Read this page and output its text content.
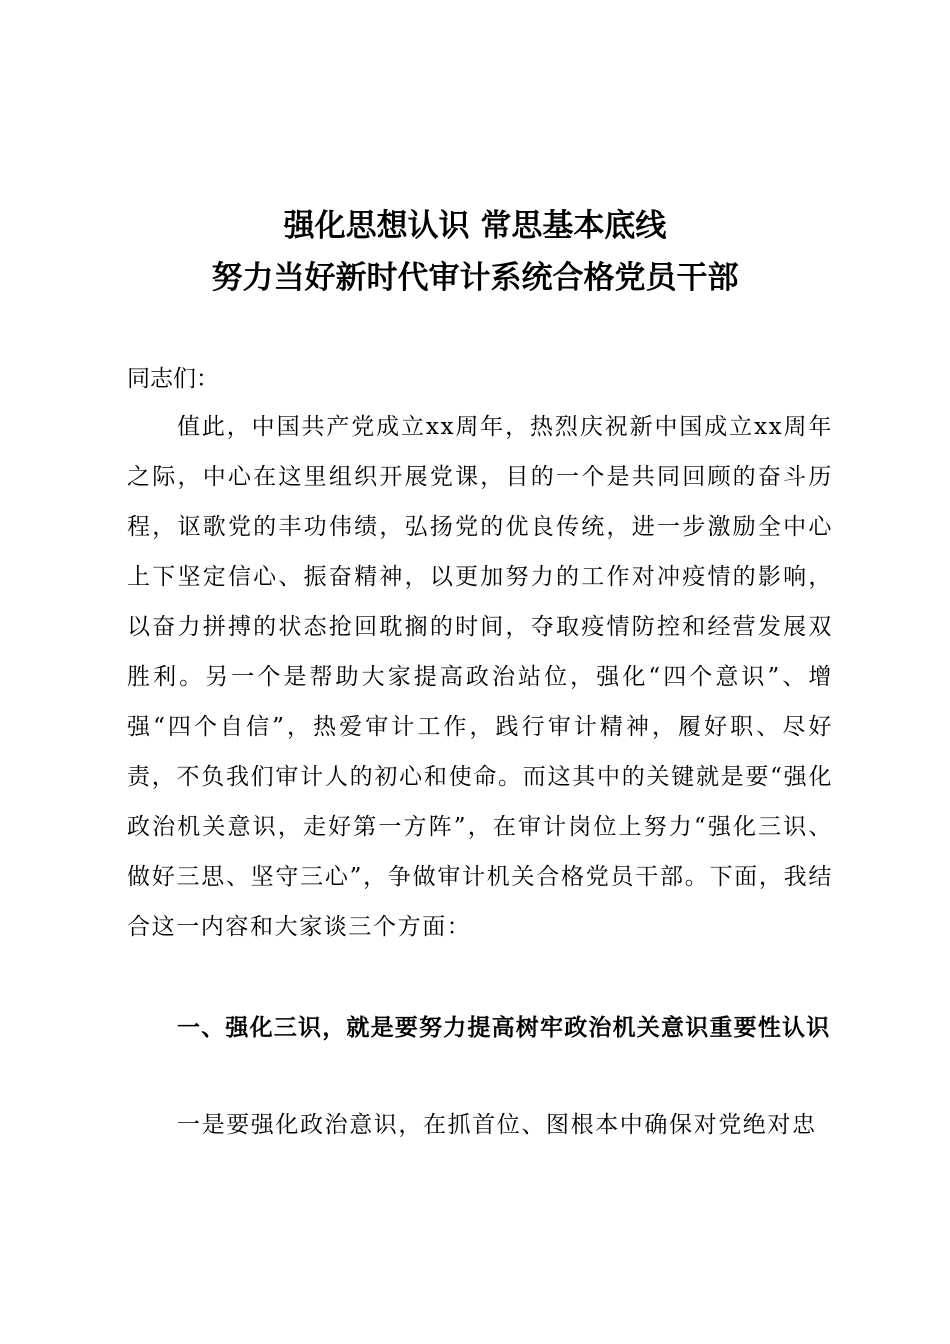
强化思想认识 常思基本底线
努力当好新时代审计系统合格党员干部
同志们：

值此，中国共产党成立xx周年，热烈庆祝新中国成立xx周年之际，中心在这里组织开展党课，目的一个是共同回顾的奋斗历程，讴歌党的丰功伟绩，弘扬党的优良传统，进一步激励全中心上下坚定信心、振奋精神，以更加努力的工作对冲疫情的影响，以奋力拼搏的状态抢回耽搁的时间，夺取疫情防控和经营发展双胜利。另一个是帮助大家提高政治站位，强化“四个意识”、增强“四个自信”，热爱审计工作，践行审计精神，履好职、尽好责，不负我们审计人的初心和使命。而这其中的关键就是要“强化政治机关意识，走好第一方阵”，在审计岗位上努力“强化三识、做好三思、坚守三心”，争做审计机关合格党员干部。下面，我结合这一内容和大家谈三个方面：

一、强化三识，就是要努力提高树牢政治机关意识重要性认识

一是要强化政治意识，在抓首位、图根本中确保对党绝对忠
